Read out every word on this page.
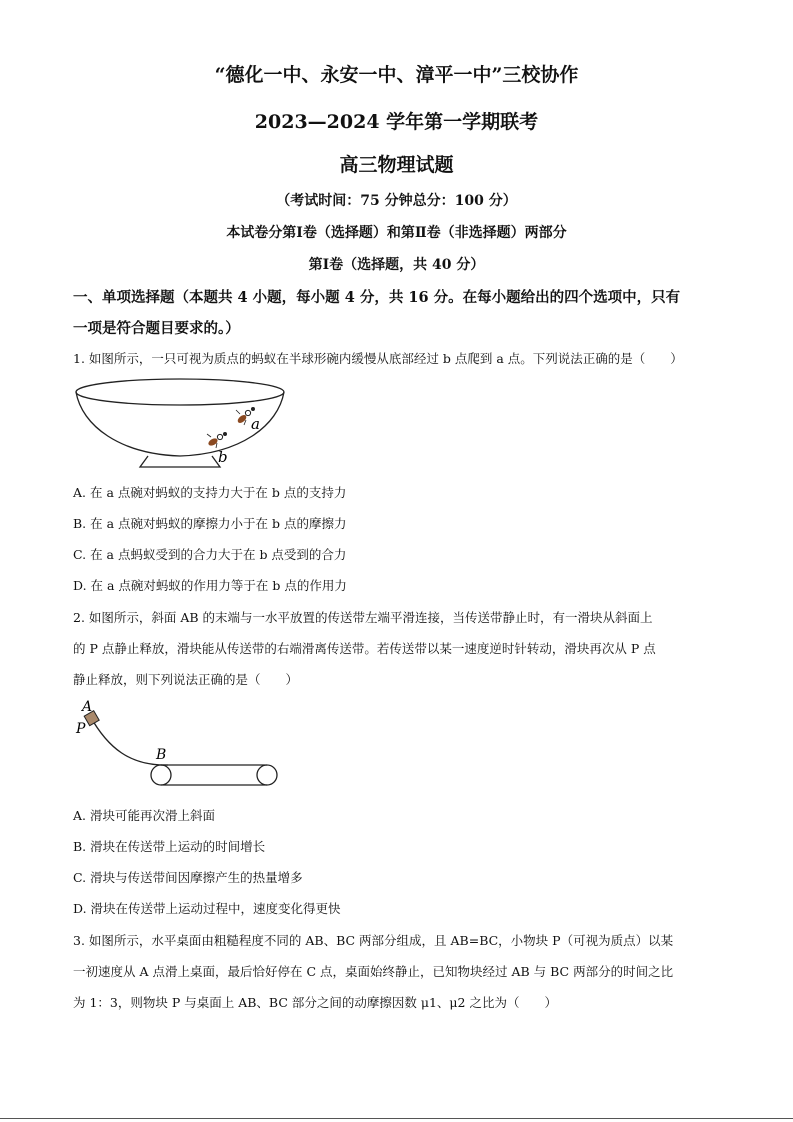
“德化一中、永安一中、漳平一中”三校协作
2023—2024 学年第一学期联考
高三物理试题
（考试时间：75 分钟总分：100 分）
本试卷分第Ⅰ卷（选择题）和第Ⅱ卷（非选择题）两部分
第Ⅰ卷（选择题，共 40 分）
一、单项选择题（本题共 4 小题，每小题 4 分，共 16 分。在每小题给出的四个选项中，只有
一项是符合题目要求的。）
1. 如图所示，一只可视为质点的蚂蚁在半球形碗内缓慢从底部经过 b 点爬到 a 点。下列说法正确的是（　　）
a
b
A. 在 a 点碗对蚂蚁的支持力大于在 b 点的支持力
B. 在 a 点碗对蚂蚁的摩擦力小于在 b 点的摩擦力
C. 在 a 点蚂蚁受到的合力大于在 b 点受到的合力
D. 在 a 点碗对蚂蚁的作用力等于在 b 点的作用力
2. 如图所示，斜面 AB 的末端与一水平放置的传送带左端平滑连接，当传送带静止时，有一滑块从斜面上
的 P 点静止释放，滑块能从传送带的右端滑离传送带。若传送带以某一速度逆时针转动，滑块再次从 P 点
静止释放，则下列说法正确的是（　　）
A
P
B
A. 滑块可能再次滑上斜面
B. 滑块在传送带上运动的时间增长
C. 滑块与传送带间因摩擦产生的热量增多
D. 滑块在传送带上运动过程中，速度变化得更快
3. 如图所示，水平桌面由粗糙程度不同的 AB、BC 两部分组成，且 AB=BC，小物块 P（可视为质点）以某
一初速度从 A 点滑上桌面，最后恰好停在 C 点，桌面始终静止，已知物块经过 AB 与 BC 两部分的时间之比
为 1：3，则物块 P 与桌面上 AB、BC 部分之间的动摩擦因数 μ1、μ2 之比为（　　）
